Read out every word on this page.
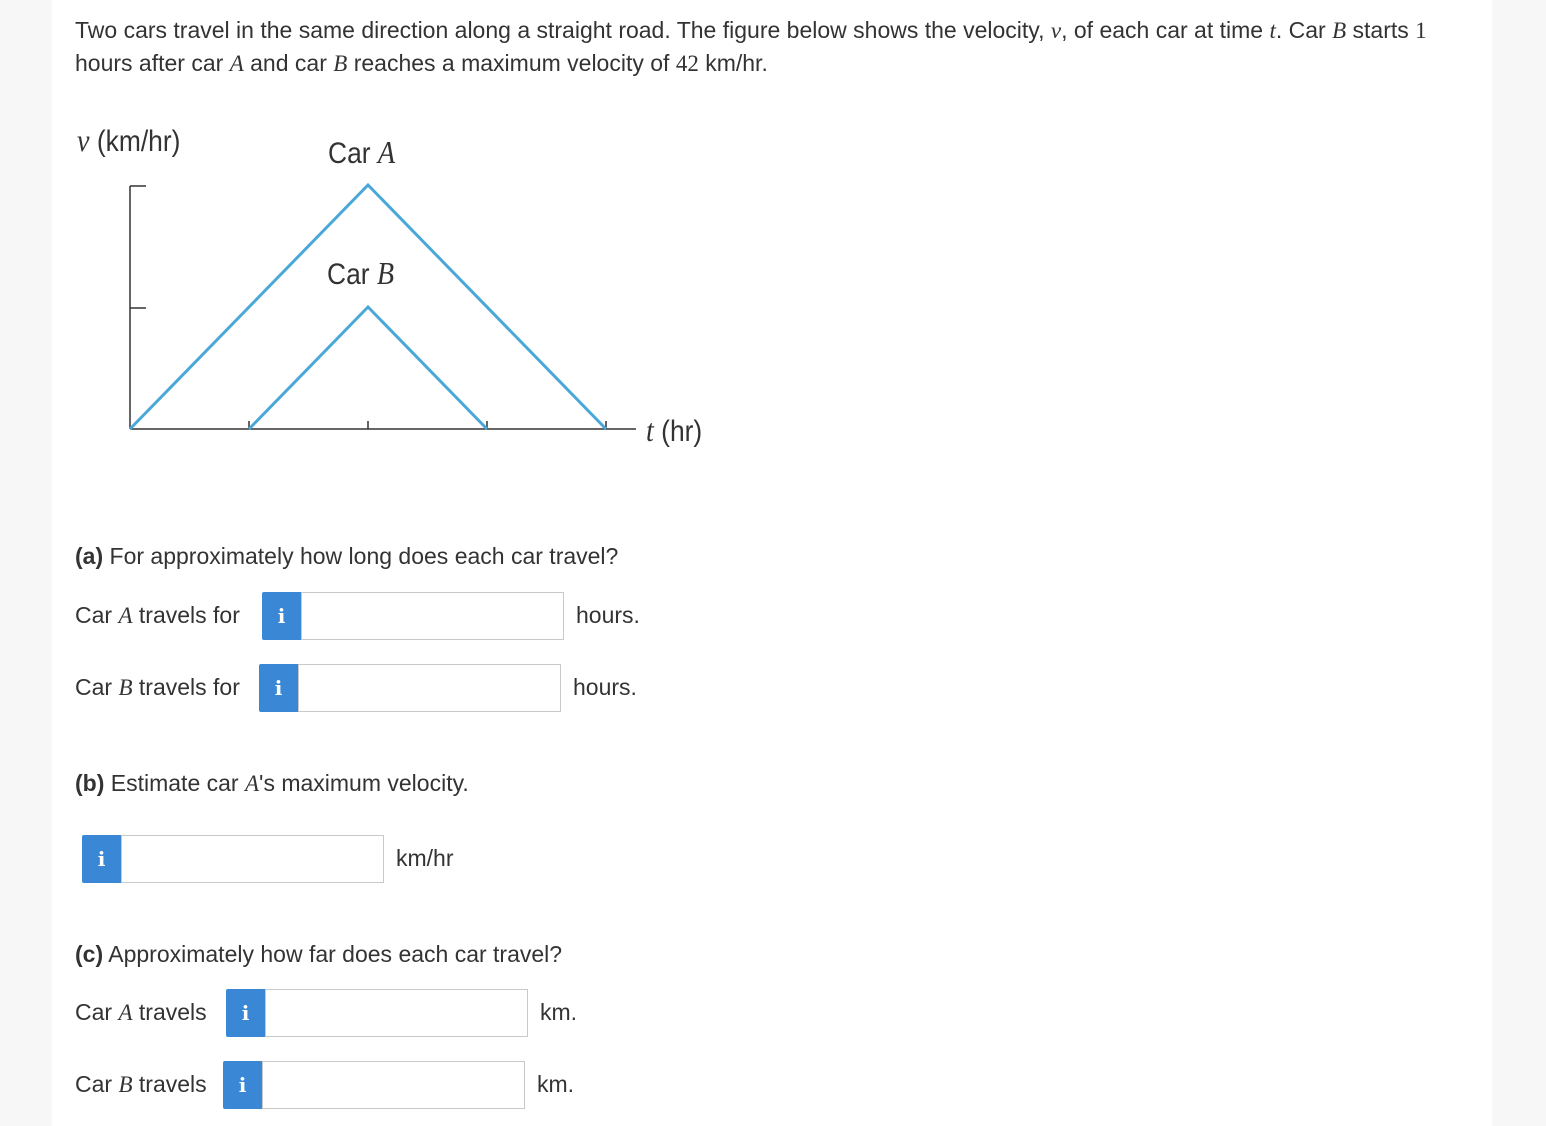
Two cars travel in the same direction along a straight road. The figure below shows the velocity, v, of each car at time t. Car B starts 1
hours after car A and car B reaches a maximum velocity of 42 km/hr.

v (km/hr)	Car A
Car B
t (hr)

(a) For approximately how long does each car travel?

Car A travels for	i	hours.
Car B travels for	i	hours.

(b) Estimate car A's maximum velocity.

i	km/hr

(c) Approximately how far does each car travel?

Car A travels	i	km.
Car B travels	i	km.
